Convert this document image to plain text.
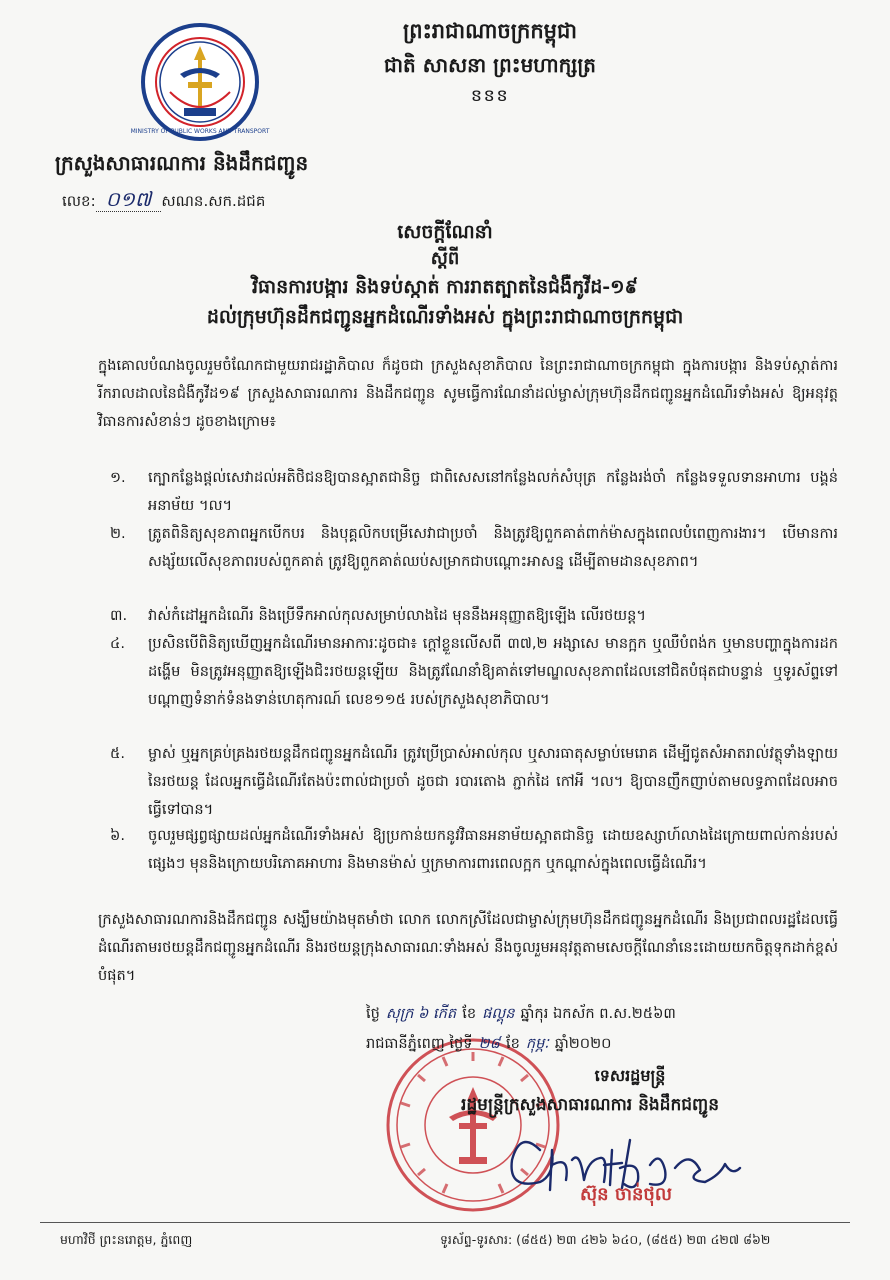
MINISTRY OF PUBLIC WORKS AND TRANSPORT
ព្រះរាជាណាចក្រកម្ពុជា
ជាតិ សាសនា ព្រះមហាក្សត្រ
ៜៜៜ
ក្រសួងសាធារណការ និងដឹកជញ្ជូន
លេខ: ០១៧ សណន.សក.ដជគ
សេចក្តីណែនាំ
ស្តីពី
វិធានការបង្ការ និងទប់ស្កាត់ ការរាតត្បាតនៃជំងឺកូវីដ-១៩
ដល់ក្រុមហ៊ុនដឹកជញ្ជូនអ្នកដំណើរទាំងអស់ ក្នុងព្រះរាជាណាចក្រកម្ពុជា
ក្នុងគោលបំណងចូលរួមចំណែកជាមួយរាជរដ្ឋាភិបាល ក៏ដូចជា ក្រសួងសុខាភិបាល នៃព្រះរាជាណាចក្រកម្ពុជា ក្នុងការបង្ការ និងទប់ស្កាត់ការរីករាលដាលនៃជំងឺកូវីដ១៩ ក្រសួងសាធារណការ និងដឹកជញ្ជូន សូមធ្វើការណែនាំដល់ម្ចាស់ក្រុមហ៊ុនដឹកជញ្ជូនអ្នកដំណើរទាំងអស់ ឱ្យអនុវត្តវិធានការសំខាន់ៗ ដូចខាងក្រោម៖
១.	ក្បោកន្លែងផ្តល់សេវាដល់អតិថិជនឱ្យបានស្អាតជានិច្ច ជាពិសេសនៅកន្លែងលក់សំបុត្រ កន្លែងរង់ចាំ កន្លែងទទួលទានអាហារ បង្គន់អនាម័យ ។ល។
២.	ត្រូតពិនិត្យសុខភាពអ្នកបើកបរ និងបុគ្គលិកបម្រើសេវាជាប្រចាំ និងត្រូវឱ្យពួកគាត់ពាក់ម៉ាសក្នុងពេលបំពេញការងារ។ បើមានការសង្ស័យលើសុខភាពរបស់ពួកគាត់ ត្រូវឱ្យពួកគាត់ឈប់សម្រាកជាបណ្តោះអាសន្ន ដើម្បីតាមដានសុខភាព។
៣.	វាស់កំដៅអ្នកដំណើរ និងប្រើទឹកអាល់កុលសម្រាប់លាងដៃ មុននឹងអនុញ្ញាតឱ្យឡើង លើរថយន្ត។
៤.	ប្រសិនបើពិនិត្យឃើញអ្នកដំណើរមានអាការៈដូចជា៖ ក្តៅខ្លួនលើសពី ៣៧,២ អង្សាសេ មានក្អក ឬឈឺបំពង់ក ឬមានបញ្ហាក្នុងការដកដង្ហើម មិនត្រូវអនុញ្ញាតឱ្យឡើងជិះរថយន្តឡើយ និងត្រូវណែនាំឱ្យគាត់ទៅមណ្ឌលសុខភាពដែលនៅជិតបំផុតជាបន្ទាន់ ឬទូរស័ព្ទទៅបណ្តាញទំនាក់ទំនងទាន់ហេតុការណ៍ លេខ១១៥ របស់ក្រសួងសុខាភិបាល។
៥.	ម្ចាស់ ឬអ្នកគ្រប់គ្រងរថយន្តដឹកជញ្ជូនអ្នកដំណើរ ត្រូវប្រើប្រាស់អាល់កុល ឬសារធាតុសម្លាប់មេរោគ ដើម្បីជូតសំអាតរាល់វត្ថុទាំងឡាយនៃរថយន្ត ដែលអ្នកធ្វើដំណើរតែងប៉ះពាល់ជាប្រចាំ ដូចជា របារតោង ភ្ជាក់ដៃ កៅអី ។ល។ ឱ្យបានញឹកញាប់តាមលទ្ធភាពដែលអាចធ្វើទៅបាន។
៦.	ចូលរួមផ្សព្វផ្សាយដល់អ្នកដំណើរទាំងអស់ ឱ្យប្រកាន់យកនូវវិធានអនាម័យស្អាតជានិច្ច ដោយឧស្សាហ៍លាងដៃក្រោយពាល់កាន់របស់ផ្សេងៗ មុននិងក្រោយបរិភោគអាហារ និងមានម៉ាស់ ឬក្រមាការពារពេលក្អក ឬកណ្តាស់ក្នុងពេលធ្វើដំណើរ។
ក្រសួងសាធារណការនិងដឹកជញ្ជូន សង្ឃឹមយ៉ាងមុតមាំថា លោក លោកស្រីដែលជាម្ចាស់ក្រុមហ៊ុនដឹកជញ្ជូនអ្នកដំណើរ និងប្រជាពលរដ្ឋដែលធ្វើដំណើរតាមរថយន្តដឹកជញ្ជូនអ្នកដំណើរ និងរថយន្តក្រុងសាធារណៈទាំងអស់ នឹងចូលរួមអនុវត្តតាមសេចក្តីណែនាំនេះដោយយកចិត្តទុកដាក់ខ្ពស់បំផុត។
ថ្ងៃ សុក្រ ៦ កើត ខែ ផល្គុន ឆ្នាំកុរ ឯកស័ក ព.ស.២៥៦៣
រាជធានីភ្នំពេញ ថ្ងៃទី ២៨ ខែ កុម្ភៈ ឆ្នាំ២០២០
ទេសរដ្ឋមន្ត្រី
រដ្ឋមន្ត្រីក្រសួងសាធារណការ និងដឹកជញ្ជូន
ស៊ុន ចាន់ថុល
មហាវិថី ព្រះនរោត្តម, ភ្នំពេញ	ទូរស័ព្ទ-ទូរសារ: (៨៥៥) ២៣ ៤២៦ ៦៤០, (៨៥៥) ២៣ ៤២៧ ៨៦២
